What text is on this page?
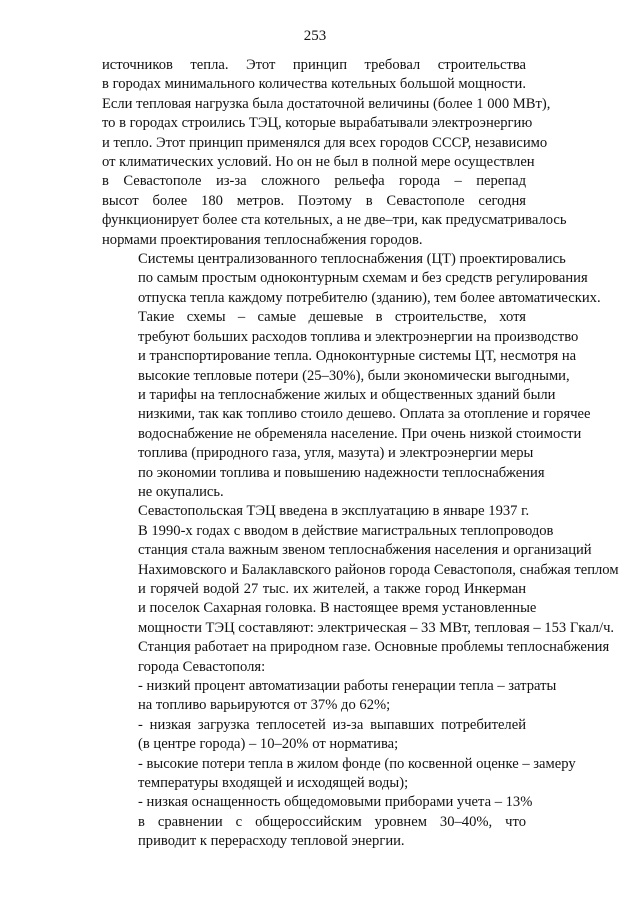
253

источников тепла. Этот принцип требовал строительства
в городах минимального количества котельных большой мощности.
Если тепловая нагрузка была достаточной величины (более 1 000 МВт),
то в городах строились ТЭЦ, которые вырабатывали электроэнергию
и тепло. Этот принцип применялся для всех городов СССР, независимо
от климатических условий. Но он не был в полной мере осуществлен
в Севастополе из-за сложного рельефа города – перепад
высот более 180 метров. Поэтому в Севастополе сегодня
функционирует более ста котельных, а не две–три, как предусматривалось
нормами проектирования теплоснабжения городов.

Системы централизованного теплоснабжения (ЦТ) проектировались
по самым простым одноконтурным схемам и без средств регулирования
отпуска тепла каждому потребителю (зданию), тем более автоматических.
Такие схемы – самые дешевые в строительстве, хотя
требуют больших расходов топлива и электроэнергии на производство
и транспортирование тепла. Одноконтурные системы ЦТ, несмотря на
высокие тепловые потери (25–30%), были экономически выгодными,
и тарифы на теплоснабжение жилых и общественных зданий были
низкими, так как топливо стоило дешево. Оплата за отопление и горячее
водоснабжение не обременяла население. При очень низкой стоимости
топлива (природного газа, угля, мазута) и электроэнергии меры
по экономии топлива и повышению надежности теплоснабжения
не окупались.

Севастопольская ТЭЦ введена в эксплуатацию в январе 1937 г.
В 1990-х годах с вводом в действие магистральных теплопроводов
станция стала важным звеном теплоснабжения населения и организаций
Нахимовского и Балаклавского районов города Севастополя, снабжая теплом
и горячей водой 27 тыс. их жителей, а также город Инкерман
и поселок Сахарная головка. В настоящее время установленные
мощности ТЭЦ составляют: электрическая – 33 МВт, тепловая – 153 Гкал/ч.
Станция работает на природном газе. Основные проблемы теплоснабжения
города Севастополя:

- низкий процент автоматизации работы генерации тепла – затраты
на топливо варьируются от 37% до 62%;

- низкая загрузка теплосетей из-за выпавших потребителей
(в центре города) – 10–20% от норматива;

- высокие потери тепла в жилом фонде (по косвенной оценке – замеру
температуры входящей и исходящей воды);

- низкая оснащенность общедомовыми приборами учета – 13%
в сравнении с общероссийским уровнем 30–40%, что
приводит к перерасходу тепловой энергии.
